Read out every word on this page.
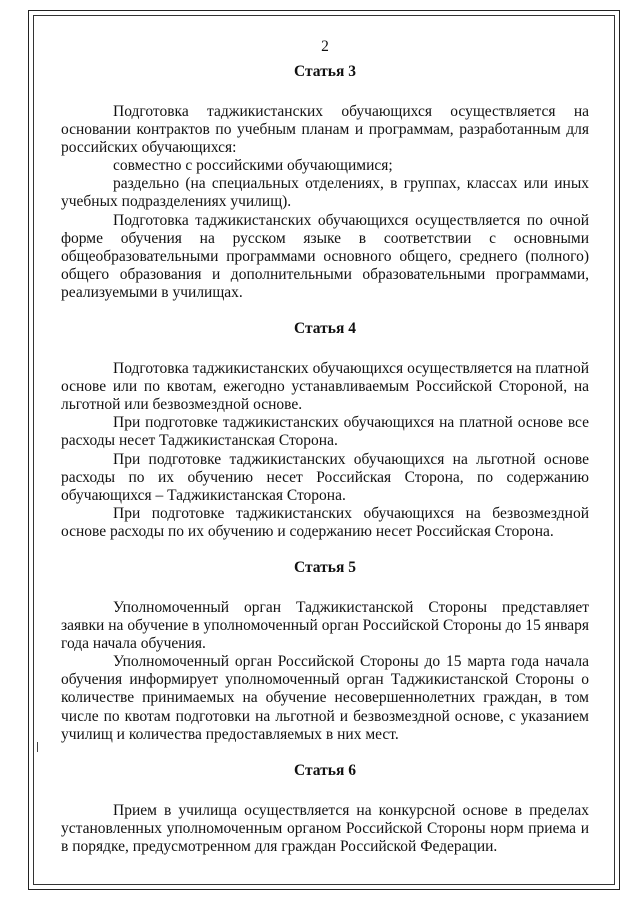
2
Статья 3

Подготовка таджикистанских обучающихся осуществляется на основании контрактов по учебным планам и программам, разработанным для российских обучающихся:

совместно с российскими обучающимися;

раздельно (на специальных отделениях, в группах, классах или иных учебных подразделениях училищ).

Подготовка таджикистанских обучающихся осуществляется по очной форме обучения на русском языке в соответствии с основными общеобразовательными программами основного общего, среднего (полного) общего образования и дополнительными образовательными программами, реализуемыми в училищах.

Статья 4

Подготовка таджикистанских обучающихся осуществляется на платной основе или по квотам, ежегодно устанавливаемым Российской Стороной, на льготной или безвозмездной основе.

При подготовке таджикистанских обучающихся на платной основе все расходы несет Таджикистанская Сторона.

При подготовке таджикистанских обучающихся на льготной основе расходы по их обучению несет Российская Сторона, по содержанию обучающихся – Таджикистанская Сторона.

При подготовке таджикистанских обучающихся на безвозмездной основе расходы по их обучению и содержанию несет Российская Сторона.

Статья 5

Уполномоченный орган Таджикистанской Стороны представляет заявки на обучение в уполномоченный орган Российской Стороны до 15 января года начала обучения.

Уполномоченный орган Российской Стороны до 15 марта года начала обучения информирует уполномоченный орган Таджикистанской Стороны о количестве принимаемых на обучение несовершеннолетних граждан, в том числе по квотам подготовки на льготной и безвозмездной основе, с указанием училищ и количества предоставляемых в них мест.

Статья 6

Прием в училища осуществляется на конкурсной основе в пределах установленных уполномоченным органом Российской Стороны норм приема и в порядке, предусмотренном для граждан Российской Федерации.
